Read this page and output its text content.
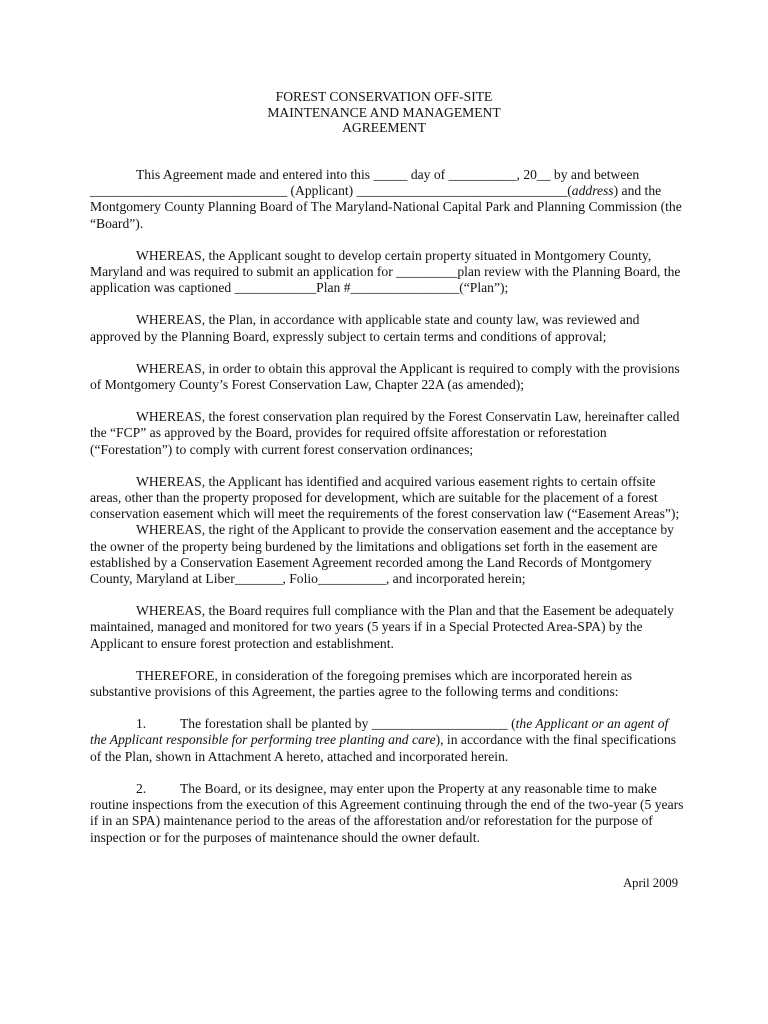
FOREST CONSERVATION OFF-SITE
MAINTENANCE AND MANAGEMENT
AGREEMENT

This Agreement made and entered into this _____ day of __________, 20__ by and between
_____________________________ (Applicant) _______________________________(address) and the Montgomery County Planning Board of The Maryland-National Capital Park and Planning Commission (the “Board”).

WHEREAS, the Applicant sought to develop certain property situated in Montgomery County, Maryland and was required to submit an application for _________plan review with the Planning Board, the application was captioned ____________Plan #________________(“Plan”);

WHEREAS, the Plan, in accordance with applicable state and county law, was reviewed and approved by the Planning Board, expressly subject to certain terms and conditions of approval;

WHEREAS, in order to obtain this approval the Applicant is required to comply with the provisions of Montgomery County’s Forest Conservation Law, Chapter 22A (as amended);

WHEREAS, the forest conservation plan required by the Forest Conservatin Law, hereinafter called the “FCP” as approved by the Board, provides for required offsite afforestation or reforestation (“Forestation”) to comply with current forest conservation ordinances;

WHEREAS, the Applicant has identified and acquired various easement rights to certain offsite areas, other than the property proposed for development, which are suitable for the placement of a forest conservation easement which will meet the requirements of the forest conservation law (“Easement Areas”);

WHEREAS, the right of the Applicant to provide the conservation easement and the acceptance by the owner of the property being burdened by the limitations and obligations set forth in the easement are established by a Conservation Easement Agreement recorded among the Land Records of Montgomery County, Maryland at Liber_______, Folio__________, and incorporated herein;

WHEREAS, the Board requires full compliance with the Plan and that the Easement be adequately maintained, managed and monitored for two years (5 years if in a Special Protected Area-SPA) by the Applicant to ensure forest protection and establishment.

THEREFORE, in consideration of the foregoing premises which are incorporated herein as substantive provisions of this Agreement, the parties agree to the following terms and conditions:

1. The forestation shall be planted by ____________________ (the Applicant or an agent of the Applicant responsible for performing tree planting and care), in accordance with the final specifications of the Plan, shown in Attachment A hereto, attached and incorporated herein.

2. The Board, or its designee, may enter upon the Property at any reasonable time to make routine inspections from the execution of this Agreement continuing through the end of the two-year (5 years if in an SPA) maintenance period to the areas of the afforestation and/or reforestation for the purpose of inspection or for the purposes of maintenance should the owner default.

April 2009
